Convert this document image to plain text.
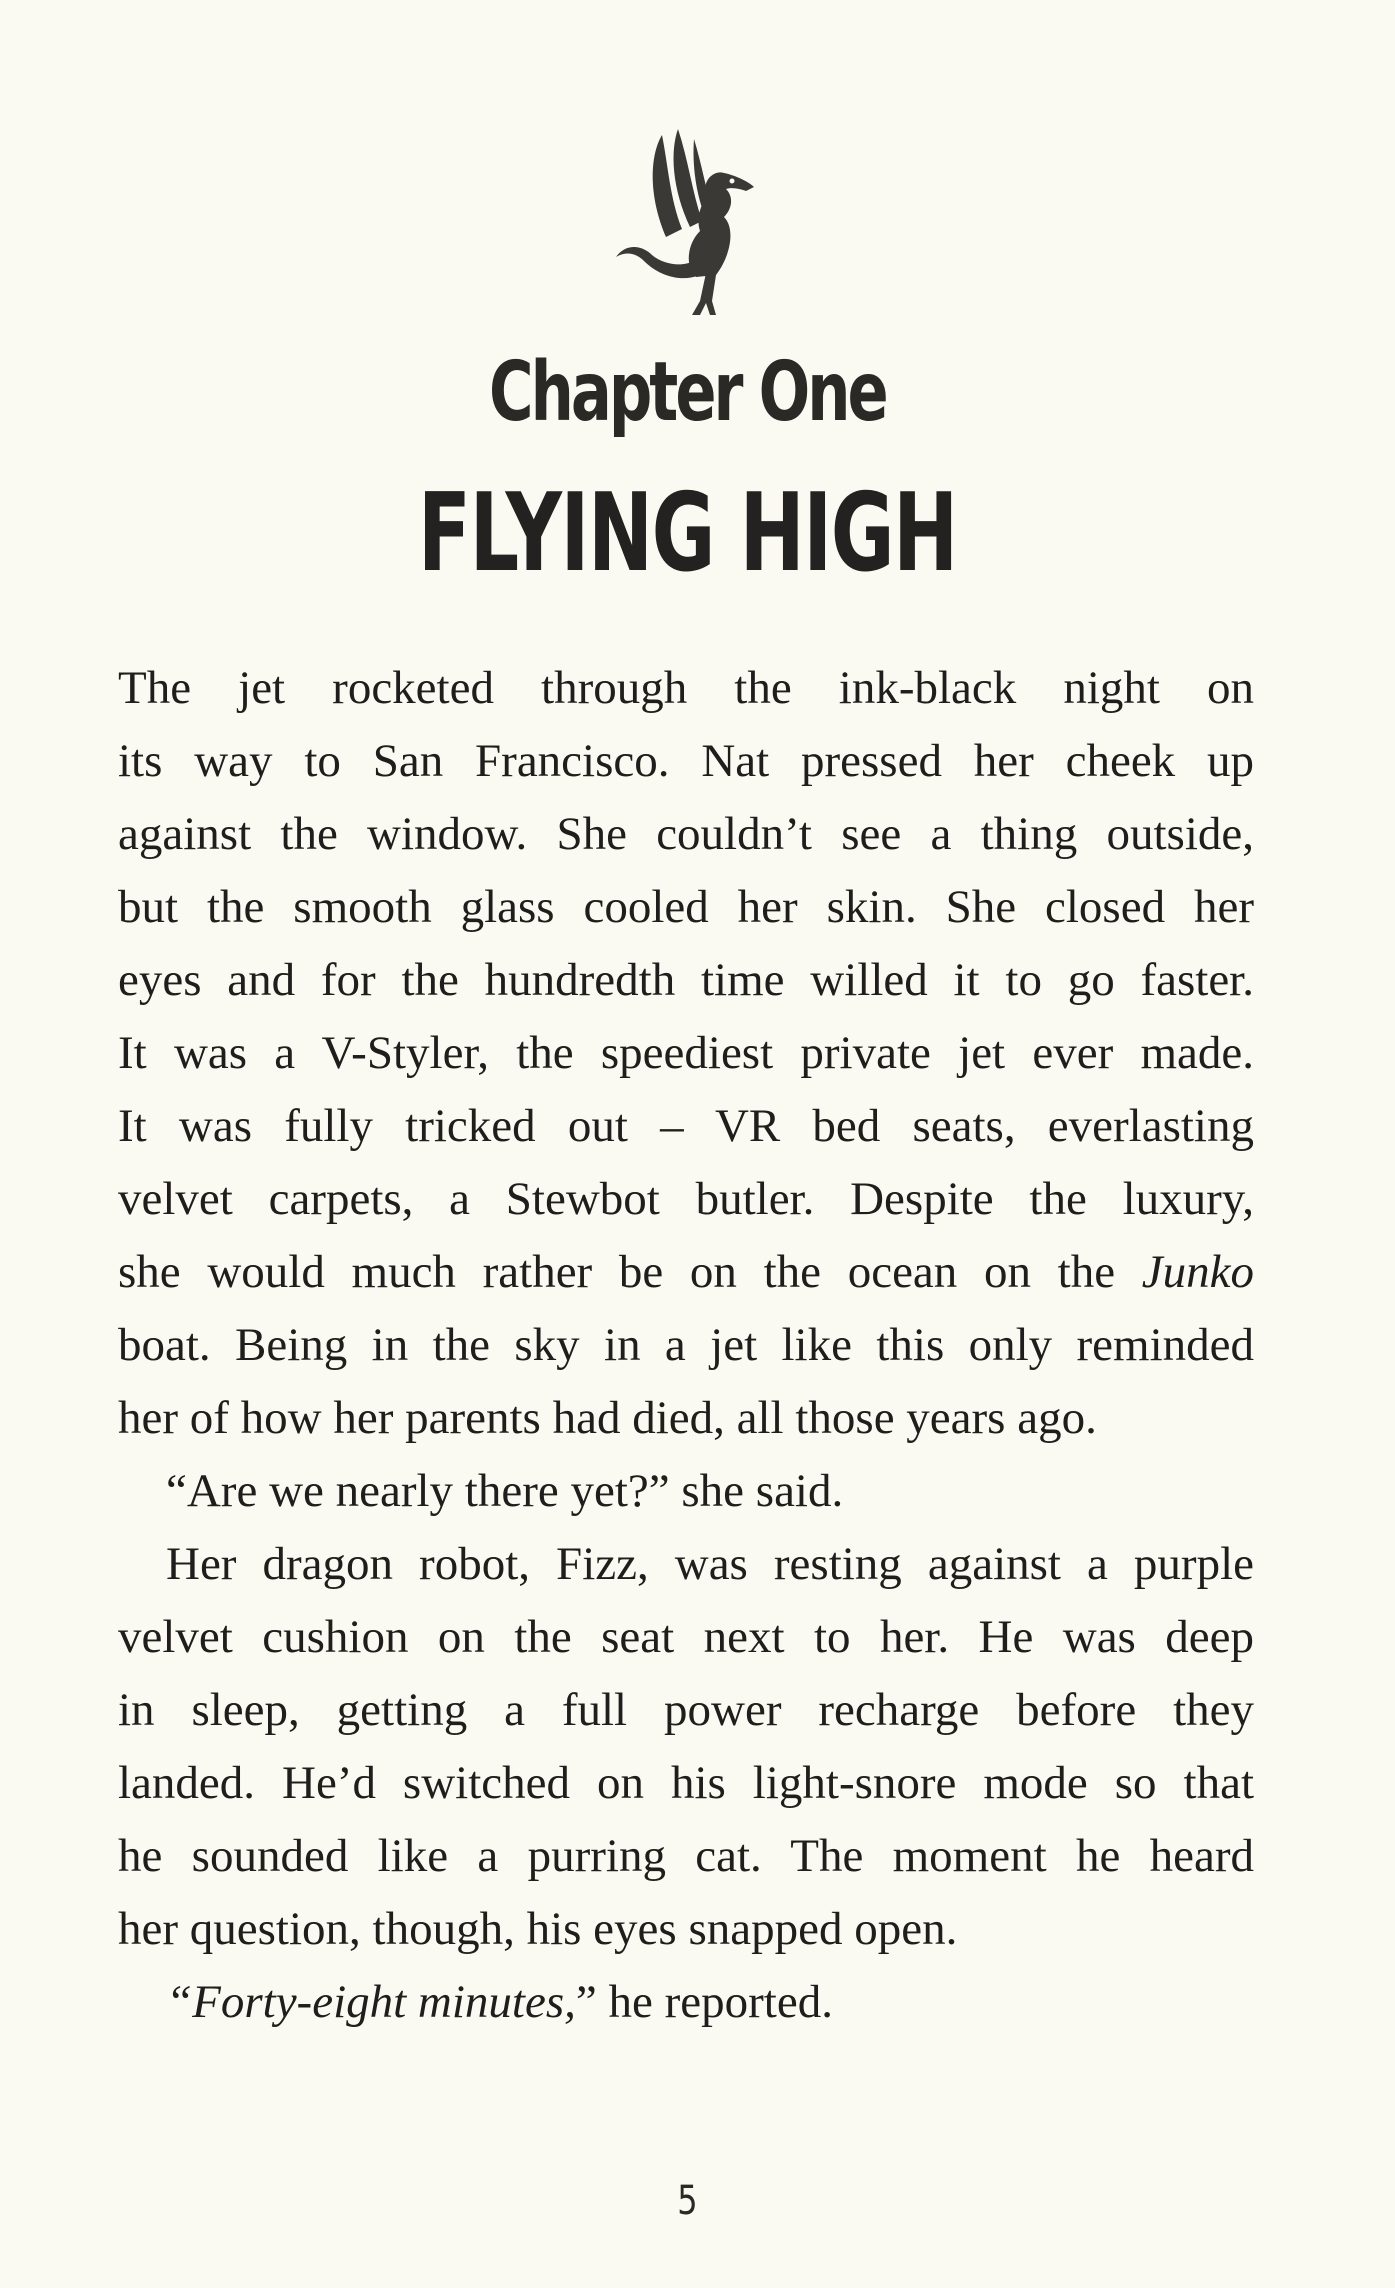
Chapter One
FLYING HIGH
The jet rocketed through the ink-black night on
its way to San Francisco. Nat pressed her cheek up
against the window. She couldn’t see a thing outside,
but the smooth glass cooled her skin. She closed her
eyes and for the hundredth time willed it to go faster.
It was a V-Styler, the speediest private jet ever made.
It was fully tricked out – VR bed seats, everlasting
velvet carpets, a Stewbot butler. Despite the luxury,
she would much rather be on the ocean on the Junko
boat. Being in the sky in a jet like this only reminded
her of how her parents had died, all those years ago.
“Are we nearly there yet?” she said.
Her dragon robot, Fizz, was resting against a purple
velvet cushion on the seat next to her. He was deep
in sleep, getting a full power recharge before they
landed. He’d switched on his light-snore mode so that
he sounded like a purring cat. The moment he heard
her question, though, his eyes snapped open.
“Forty-eight minutes,” he reported.
5
